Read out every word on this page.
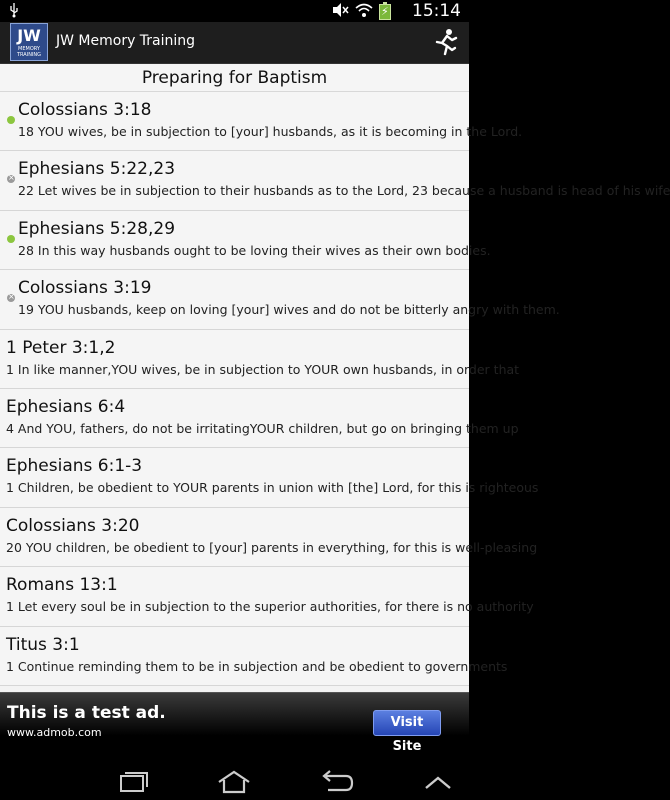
⚡ 15:14
JW
MEMORY TRAINING
JW Memory Training
Preparing for Baptism
Colossians 3:18
18 YOU wives, be in subjection to [your] husbands, as it is becoming in the Lord.
×
Ephesians 5:22,23
22 Let wives be in subjection to their husbands as to the Lord, 23 because a husband is head of his wife
Ephesians 5:28,29
28 In this way husbands ought to be loving their wives as their own bodies.
×
Colossians 3:19
19 YOU husbands, keep on loving [your] wives and do not be bitterly angry with them.
1 Peter 3:1,2
1 In like manner,YOU wives, be in subjection to YOUR own husbands, in order that
Ephesians 6:4
4 And YOU, fathers, do not be irritatingYOUR children, but go on bringing them up
Ephesians 6:1-3
1 Children, be obedient to YOUR parents in union with [the] Lord, for this is righteous
Colossians 3:20
20 YOU children, be obedient to [your] parents in everything, for this is well-pleasing
Romans 13:1
1 Let every soul be in subjection to the superior authorities, for there is no authority
Titus 3:1
1 Continue reminding them to be in subjection and be obedient to governments
This is a test ad.
www.admob.com
Visit Site
